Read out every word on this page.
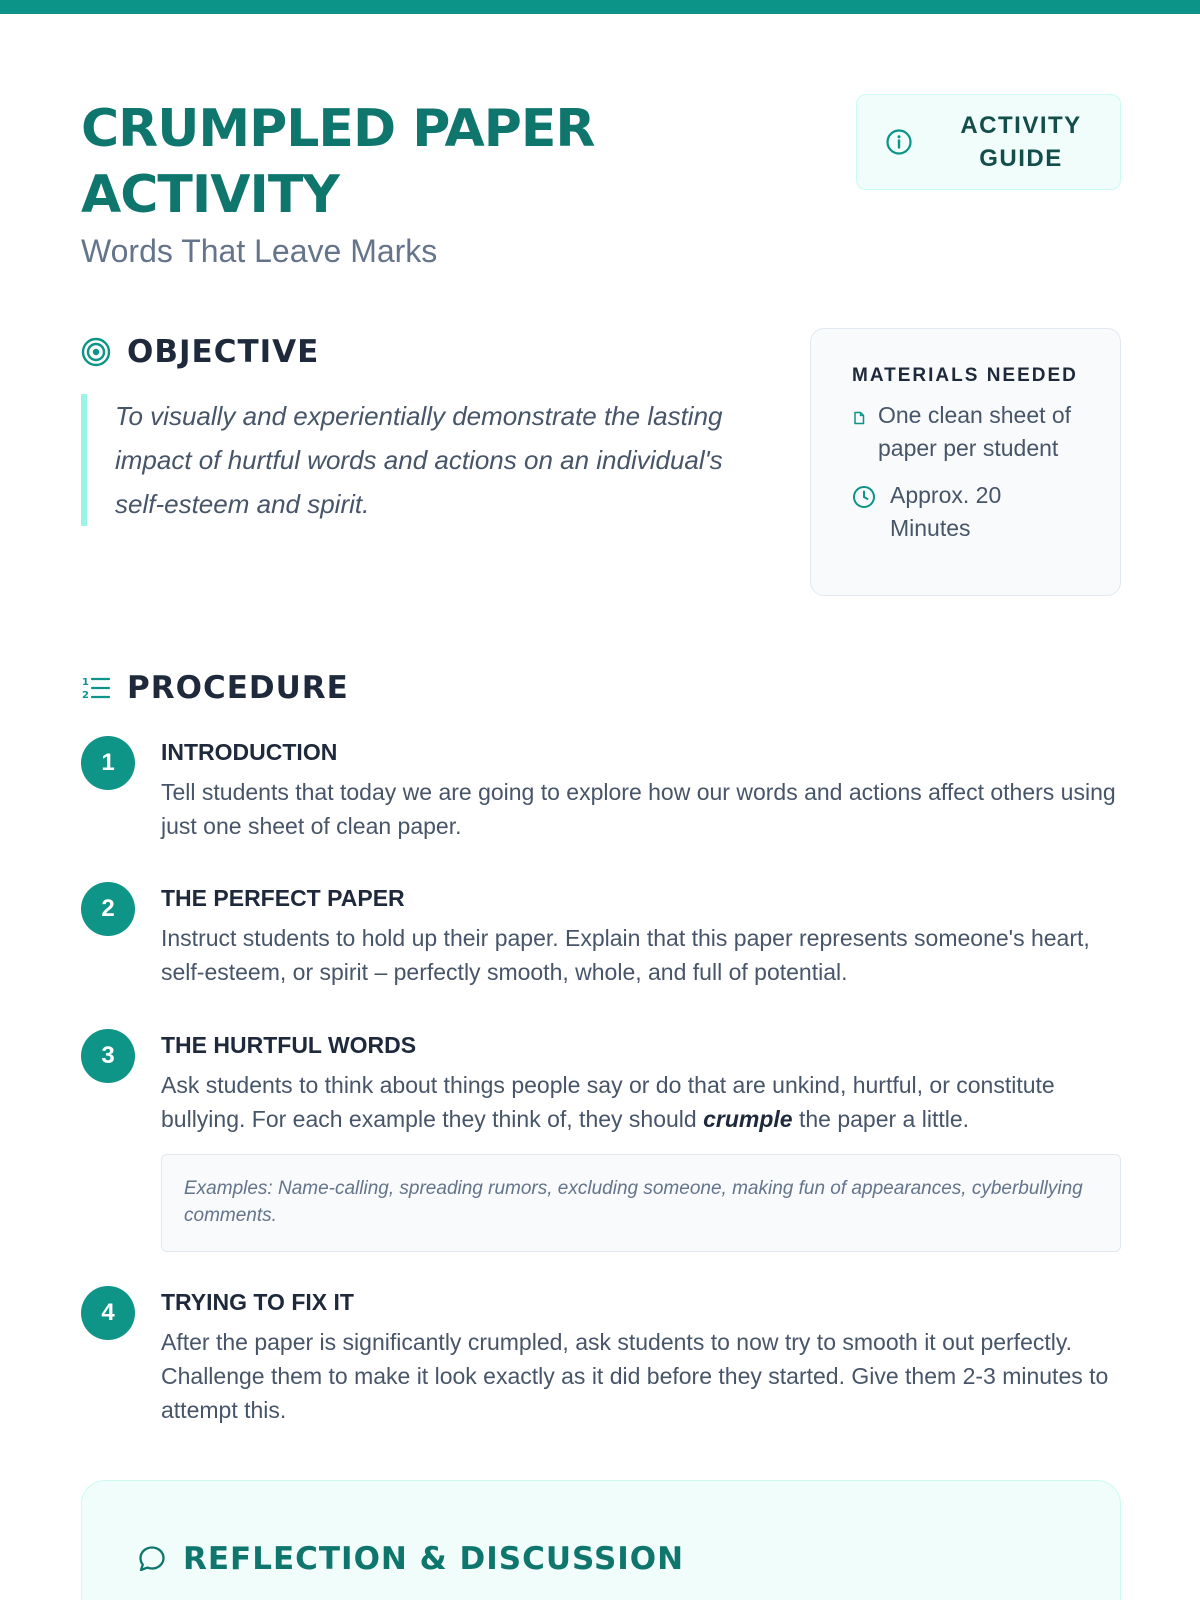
CRUMPLED PAPER ACTIVITY
Words That Leave Marks
ACTIVITY GUIDE
OBJECTIVE

To visually and experientially demonstrate the lasting impact of hurtful words and actions on an individual's self-esteem and spirit.

MATERIALS NEEDED
One clean sheet of paper per student
Approx. 20 Minutes
1
2 PROCEDURE
1	INTRODUCTION

Tell students that today we are going to explore how our words and actions affect others using just one sheet of clean paper.

2	THE PERFECT PAPER

Instruct students to hold up their paper. Explain that this paper represents someone's heart, self-esteem, or spirit – perfectly smooth, whole, and full of potential.

3	THE HURTFUL WORDS

Ask students to think about things people say or do that are unkind, hurtful, or constitute bullying. For each example they think of, they should crumple the paper a little.

Examples: Name-calling, spreading rumors, excluding someone, making fun of appearances, cyberbullying comments.
4	TRYING TO FIX IT

After the paper is significantly crumpled, ask students to now try to smooth it out perfectly. Challenge them to make it look exactly as it did before they started. Give them 2-3 minutes to attempt this.

REFLECTION & DISCUSSION
